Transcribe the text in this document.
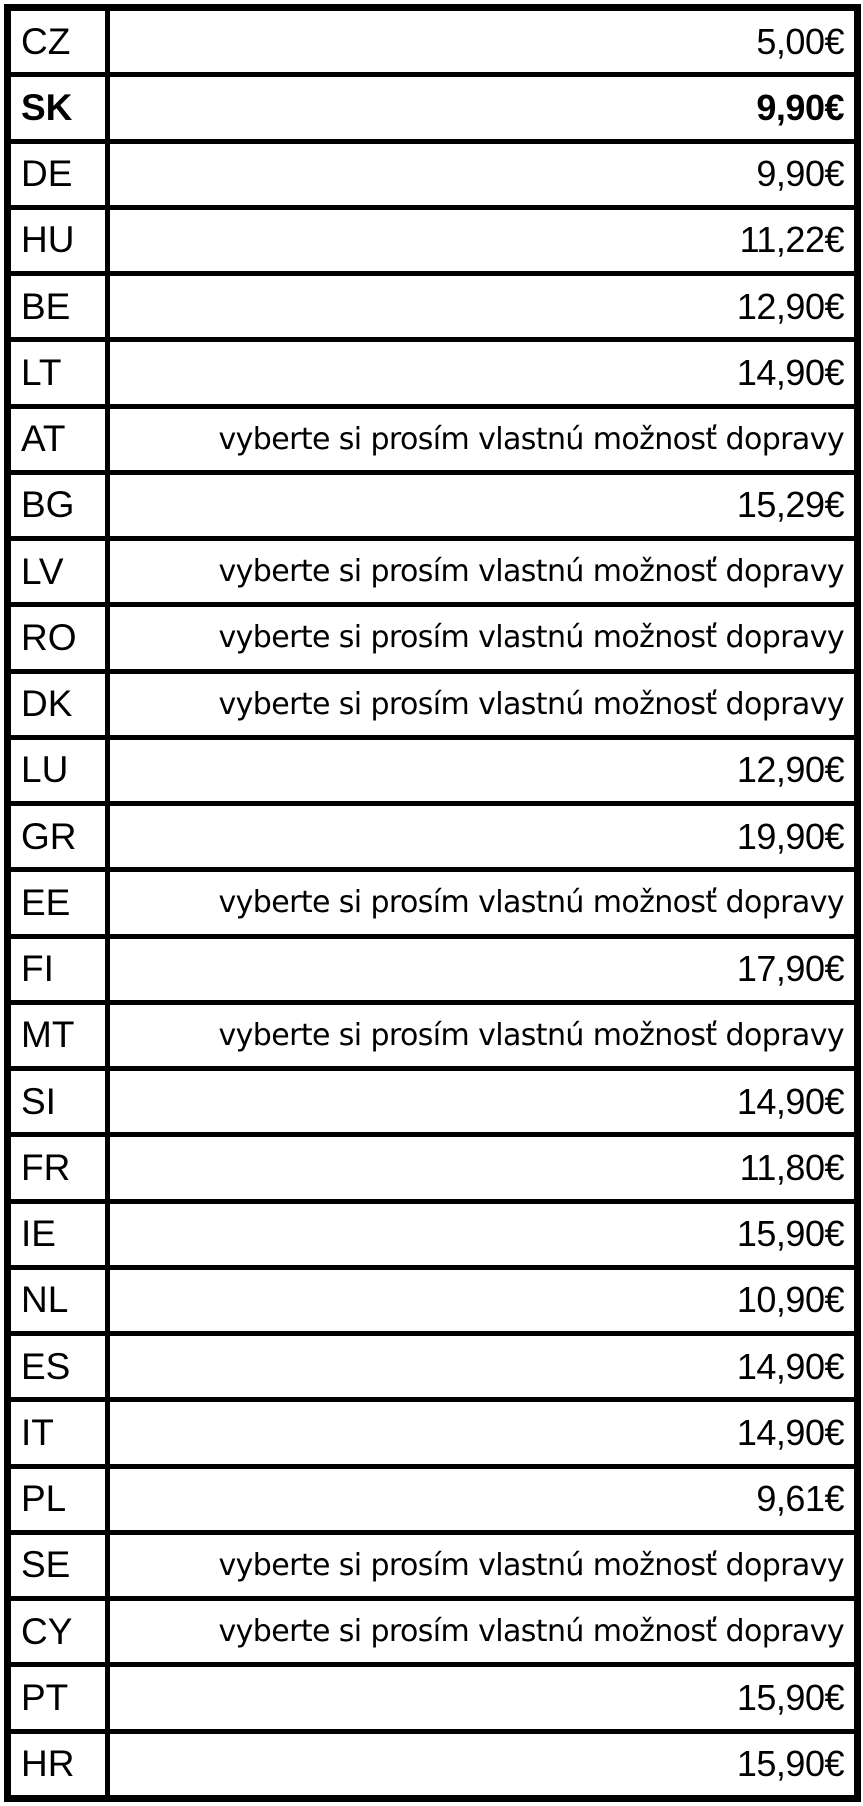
CZ	5,00€
SK	9,90€
DE	9,90€
HU	11,22€
BE	12,90€
LT	14,90€
AT	vyberte si prosím vlastnú možnosť dopravy
BG	15,29€
LV	vyberte si prosím vlastnú možnosť dopravy
RO	vyberte si prosím vlastnú možnosť dopravy
DK	vyberte si prosím vlastnú možnosť dopravy
LU	12,90€
GR	19,90€
EE	vyberte si prosím vlastnú možnosť dopravy
FI	17,90€
MT	vyberte si prosím vlastnú možnosť dopravy
SI	14,90€
FR	11,80€
IE	15,90€
NL	10,90€
ES	14,90€
IT	14,90€
PL	9,61€
SE	vyberte si prosím vlastnú možnosť dopravy
CY	vyberte si prosím vlastnú možnosť dopravy
PT	15,90€
HR	15,90€
